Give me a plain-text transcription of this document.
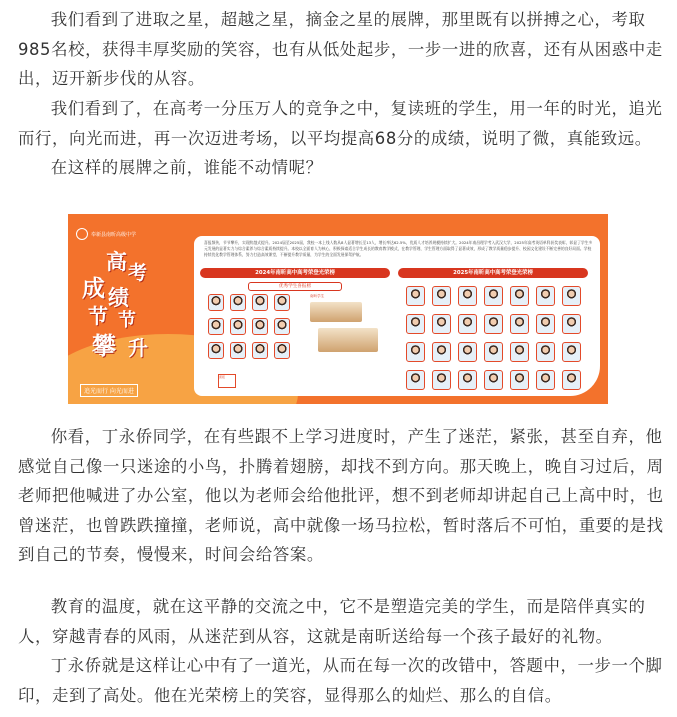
我们看到了进取之星，超越之星，摘金之星的展牌，那里既有以拼搏之心，考取985名校，获得丰厚奖励的笑容，也有从低处起步，一步一进的欣喜，还有从困惑中走出，迈开新步伐的从容。

我们看到了，在高考一分压万人的竞争之中，复读班的学生，用一年的时光，追光而行，向光而进，再一次迈进考场，以平均提高68分的成绩，说明了微，真能致远。

在这样的展牌之前，谁能不动情呢？

奉新县南昕高级中学
高 考
成 绩
节 节
攀 升
追光而行 向光而进
喜报频传，节节攀升，实现跨越式提升。2024届至2025届，我校一本上线人数从8人显著增长至13人，增长率达62.5%，优质人才培养规模持续扩大。2024年南昌理学考入武汉大学，2025年高考英语单科获奖表彰，彰显了学生多元发展的显著实力与综合素养与综合素质持续提升。本校以全面育人为核心，积极探索适合学生成长的教育教学模式，在教学管理、学生管理方面取得了显著成效，形成了教学质量稳步提升、校园文化建设不断完善的良好局面。学校持续优化教学管理体系，努力打造高效课堂，不断提升教学质量，为学生的全面发展保驾护航。
2024年南昕高中高考荣登光荣榜
优秀学生喜报榜
南昕学生
喜报
2025年南昕高中高考荣登光荣榜

你看，丁永侨同学，在有些跟不上学习进度时，产生了迷茫，紧张，甚至自弃，他感觉自己像一只迷途的小鸟，扑腾着翅膀，却找不到方向。那天晚上，晚自习过后，周老师把他喊进了办公室，他以为老师会给他批评，想不到老师却讲起自己上高中时，也曾迷茫，也曾跌跌撞撞，老师说，高中就像一场马拉松，暂时落后不可怕，重要的是找到自己的节奏，慢慢来，时间会给答案。

教育的温度，就在这平静的交流之中，它不是塑造完美的学生，而是陪伴真实的人，穿越青春的风雨，从迷茫到从容，这就是南昕送给每一个孩子最好的礼物。

丁永侨就是这样让心中有了一道光，从而在每一次的改错中，答题中，一步一个脚印，走到了高处。他在光荣榜上的笑容，显得那么的灿烂、那么的自信。
